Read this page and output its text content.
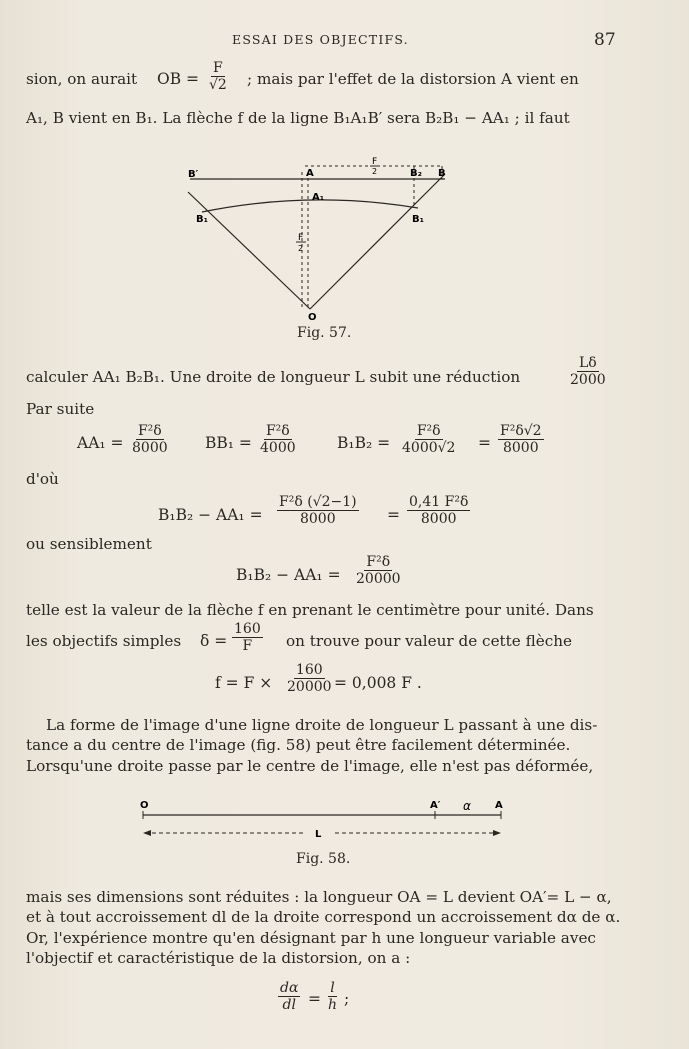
ESSAI DES OBJECTIFS.	87
sion, on aurait OB = $\frac{F}{√2}$ ; mais par l'effet de la distorsion A vient en
A₁, B vient en B₁. La flèche f de la ligne B₁A₁B′ sera B₂B₁ − AA₁ ; il faut
B′	A	B₂ B
A₁
B₁	B₁
O
F
2
F
2
Fig. 57.
calculer AA₁ B₂B₁. Une droite de longueur L subit une réduction	$\frac{L\delta}{2000}$
Par suite
$AA_1 = \frac{\text{F²δ}}{8000} BB_1 = \frac{\text{F²δ}}{4000}$	$B_1B_2 = \frac{\text{F²δ}}{4000√2} = \frac{\text{F²δ√2}}{8000}$
d'où
$B_1B_2 - AA_1 = \frac{\text{F²δ (√2−1)}}{8000} = \frac{\text{0,41 F²δ}}{8000}$
ou sensiblement
$B_1B_2 - AA_1 = \frac{\text{F²δ}}{20000}$
telle est la valeur de la flèche f en prenant le centimètre pour unité. Dans
les objectifs simples $\delta = \frac{160}{F}$ on trouve pour valeur de cette flèche
$f = F \times \frac{160}{20000} = 0,008$ F .
La forme de l'image d'une ligne droite de longueur L passant à une dis-
tance a du centre de l'image (fig. 58) peut être facilement déterminée.
Lorsqu'une droite passe par le centre de l'image, elle n'est pas déformée,
O	A′ α A
L
Fig. 58.
mais ses dimensions sont réduites : la longueur OA = L devient OA′= L − α,
et à tout accroissement dl de la droite correspond un accroissement dα de α.
Or, l'expérience montre qu'en désignant par h une longueur variable avec
l'objectif et caractéristique de la distorsion, on a :
$\frac{d\alpha}{dl} = \frac{l}{h}$ ;
